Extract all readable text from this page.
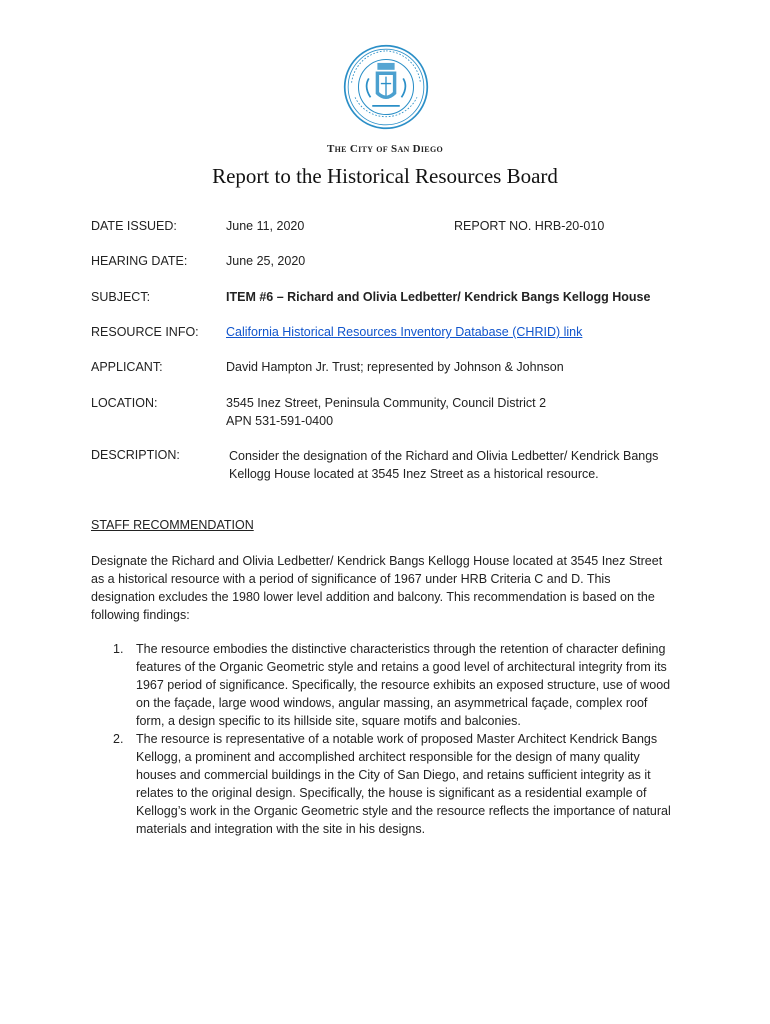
The City of San Diego
Report to the Historical Resources Board
DATE ISSUED:	June 11, 2020	REPORT NO. HRB-20-010
HEARING DATE:	June 25, 2020
SUBJECT:	ITEM #6 – Richard and Olivia Ledbetter/ Kendrick Bangs Kellogg House
RESOURCE INFO: California Historical Resources Inventory Database (CHRID) link
APPLICANT:	David Hampton Jr. Trust; represented by Johnson & Johnson
LOCATION:	3545 Inez Street, Peninsula Community, Council District 2
APN 531-591-0400
DESCRIPTION:	Consider the designation of the Richard and Olivia Ledbetter/ Kendrick Bangs Kellogg House located at 3545 Inez Street as a historical resource.
STAFF RECOMMENDATION
Designate the Richard and Olivia Ledbetter/ Kendrick Bangs Kellogg House located at 3545 Inez Street as a historical resource with a period of significance of 1967 under HRB Criteria C and D. This designation excludes the 1980 lower level addition and balcony. This recommendation is based on the following findings:
1. The resource embodies the distinctive characteristics through the retention of character defining features of the Organic Geometric style and retains a good level of architectural integrity from its 1967 period of significance. Specifically, the resource exhibits an exposed structure, use of wood on the façade, large wood windows, angular massing, an asymmetrical façade, complex roof form, a design specific to its hillside site, square motifs and balconies.
2. The resource is representative of a notable work of proposed Master Architect Kendrick Bangs Kellogg, a prominent and accomplished architect responsible for the design of many quality houses and commercial buildings in the City of San Diego, and retains sufficient integrity as it relates to the original design. Specifically, the house is significant as a residential example of Kellogg’s work in the Organic Geometric style and the resource reflects the importance of natural materials and integration with the site in his designs.
